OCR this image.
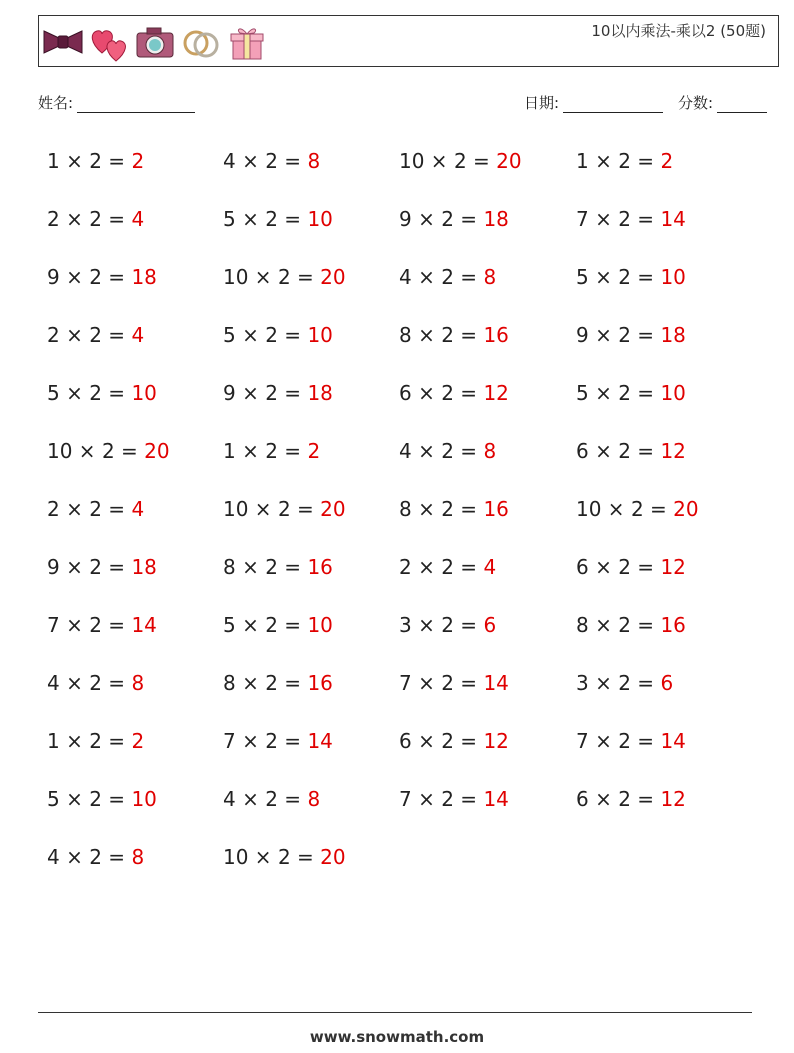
10以内乘法-乘以2 (50题)
姓名:	日期:	分数:
1 × 2 = 2
2 × 2 = 4
9 × 2 = 18
2 × 2 = 4
5 × 2 = 10
10 × 2 = 20
2 × 2 = 4
9 × 2 = 18
7 × 2 = 14
4 × 2 = 8
1 × 2 = 2
5 × 2 = 10
4 × 2 = 8
4 × 2 = 8
5 × 2 = 10
10 × 2 = 20
5 × 2 = 10
9 × 2 = 18
1 × 2 = 2
10 × 2 = 20
8 × 2 = 16
5 × 2 = 10
8 × 2 = 16
7 × 2 = 14
4 × 2 = 8
10 × 2 = 20
10 × 2 = 20
9 × 2 = 18
4 × 2 = 8
8 × 2 = 16
6 × 2 = 12
4 × 2 = 8
8 × 2 = 16
2 × 2 = 4
3 × 2 = 6
7 × 2 = 14
6 × 2 = 12
7 × 2 = 14
1 × 2 = 2
7 × 2 = 14
5 × 2 = 10
9 × 2 = 18
5 × 2 = 10
6 × 2 = 12
10 × 2 = 20
6 × 2 = 12
8 × 2 = 16
3 × 2 = 6
7 × 2 = 14
6 × 2 = 12
www.snowmath.com
